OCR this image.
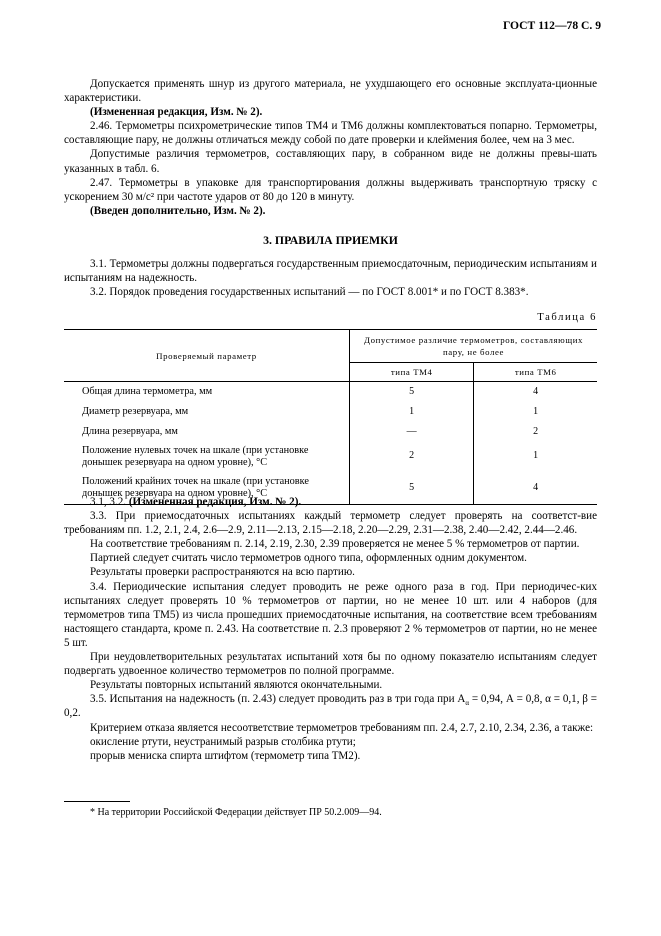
ГОСТ 112—78 С. 9

Допускается применять шнур из другого материала, не ухудшающего его основные эксплуата-ционные характеристики.

(Измененная редакция, Изм. № 2).

2.46. Термометры психрометрические типов ТМ4 и ТМ6 должны комплектоваться попарно. Термометры, составляющие пару, не должны отличаться между собой по дате проверки и клеймения более, чем на 3 мес.

Допустимые различия термометров, составляющих пару, в собранном виде не должны превы-шать указанных в табл. 6.

2.47. Термометры в упаковке для транспортирования должны выдерживать транспортную тряску с ускорением 30 м/с² при частоте ударов от 80 до 120 в минуту.

(Введен дополнительно, Изм. № 2).

3. ПРАВИЛА ПРИЕМКИ

3.1. Термометры должны подвергаться государственным приемосдаточным, периодическим испытаниям и испытаниям на надежность.

3.2. Порядок проведения государственных испытаний — по ГОСТ 8.001* и по ГОСТ 8.383*.

Таблица 6
Проверяемый параметр	Допустимое различие термометров, составляющих пару, не более	
	типа ТМ4	типа ТМ6
Общая длина термометра, мм	5	4
Диаметр резервуара, мм	1	1
Длина резервуара, мм	—	2
Положение нулевых точек на шкале (при установке донышек резервуара на одном уровне), °С	2	1
Положений крайних точек на шкале (при установке донышек резервуара на одном уровне), °С	5	4

3.1, 3.2. (Измененная редакция, Изм. № 2).

3.3. При приемосдаточных испытаниях каждый термометр следует проверять на соответст-вие требованиям пп. 1.2, 2.1, 2.4, 2.6—2.9, 2.11—2.13, 2.15—2.18, 2.20—2.29, 2.31—2.38, 2.40—2.42, 2.44—2.46.

На соответствие требованиям п. 2.14, 2.19, 2.30, 2.39 проверяется не менее 5 % термометров от партии.

Партией следует считать число термометров одного типа, оформленных одним документом.

Результаты проверки распространяются на всю партию.

3.4. Периодические испытания следует проводить не реже одного раза в год. При периодичес-ких испытаниях следует проверять 10 % термометров от партии, но не менее 10 шт. или 4 наборов (для термометров типа ТМ5) из числа прошедших приемосдаточные испытания, на соответствие всем требованиям настоящего стандарта, кроме п. 2.43. На соответствие п. 2.3 проверяют 2 % термометров от партии, но не менее 5 шт.

При неудовлетворительных результатах испытаний хотя бы по одному показателю испытаниям следует подвергать удвоенное количество термометров по полной программе.

Результаты повторных испытаний являются окончательными.

3.5. Испытания на надежность (п. 2.43) следует проводить раз в три года при $А_\alpha = 0,94$, А = 0,8, α = 0,1, β = 0,2.

Критерием отказа является несоответствие термометров требованиям пп. 2.4, 2.7, 2.10, 2.34, 2.36, а также:

окисление ртути, неустранимый разрыв столбика ртути;

прорыв мениска спирта штифтом (термометр типа ТМ2).

* На территории Российской Федерации действует ПР 50.2.009—94.
